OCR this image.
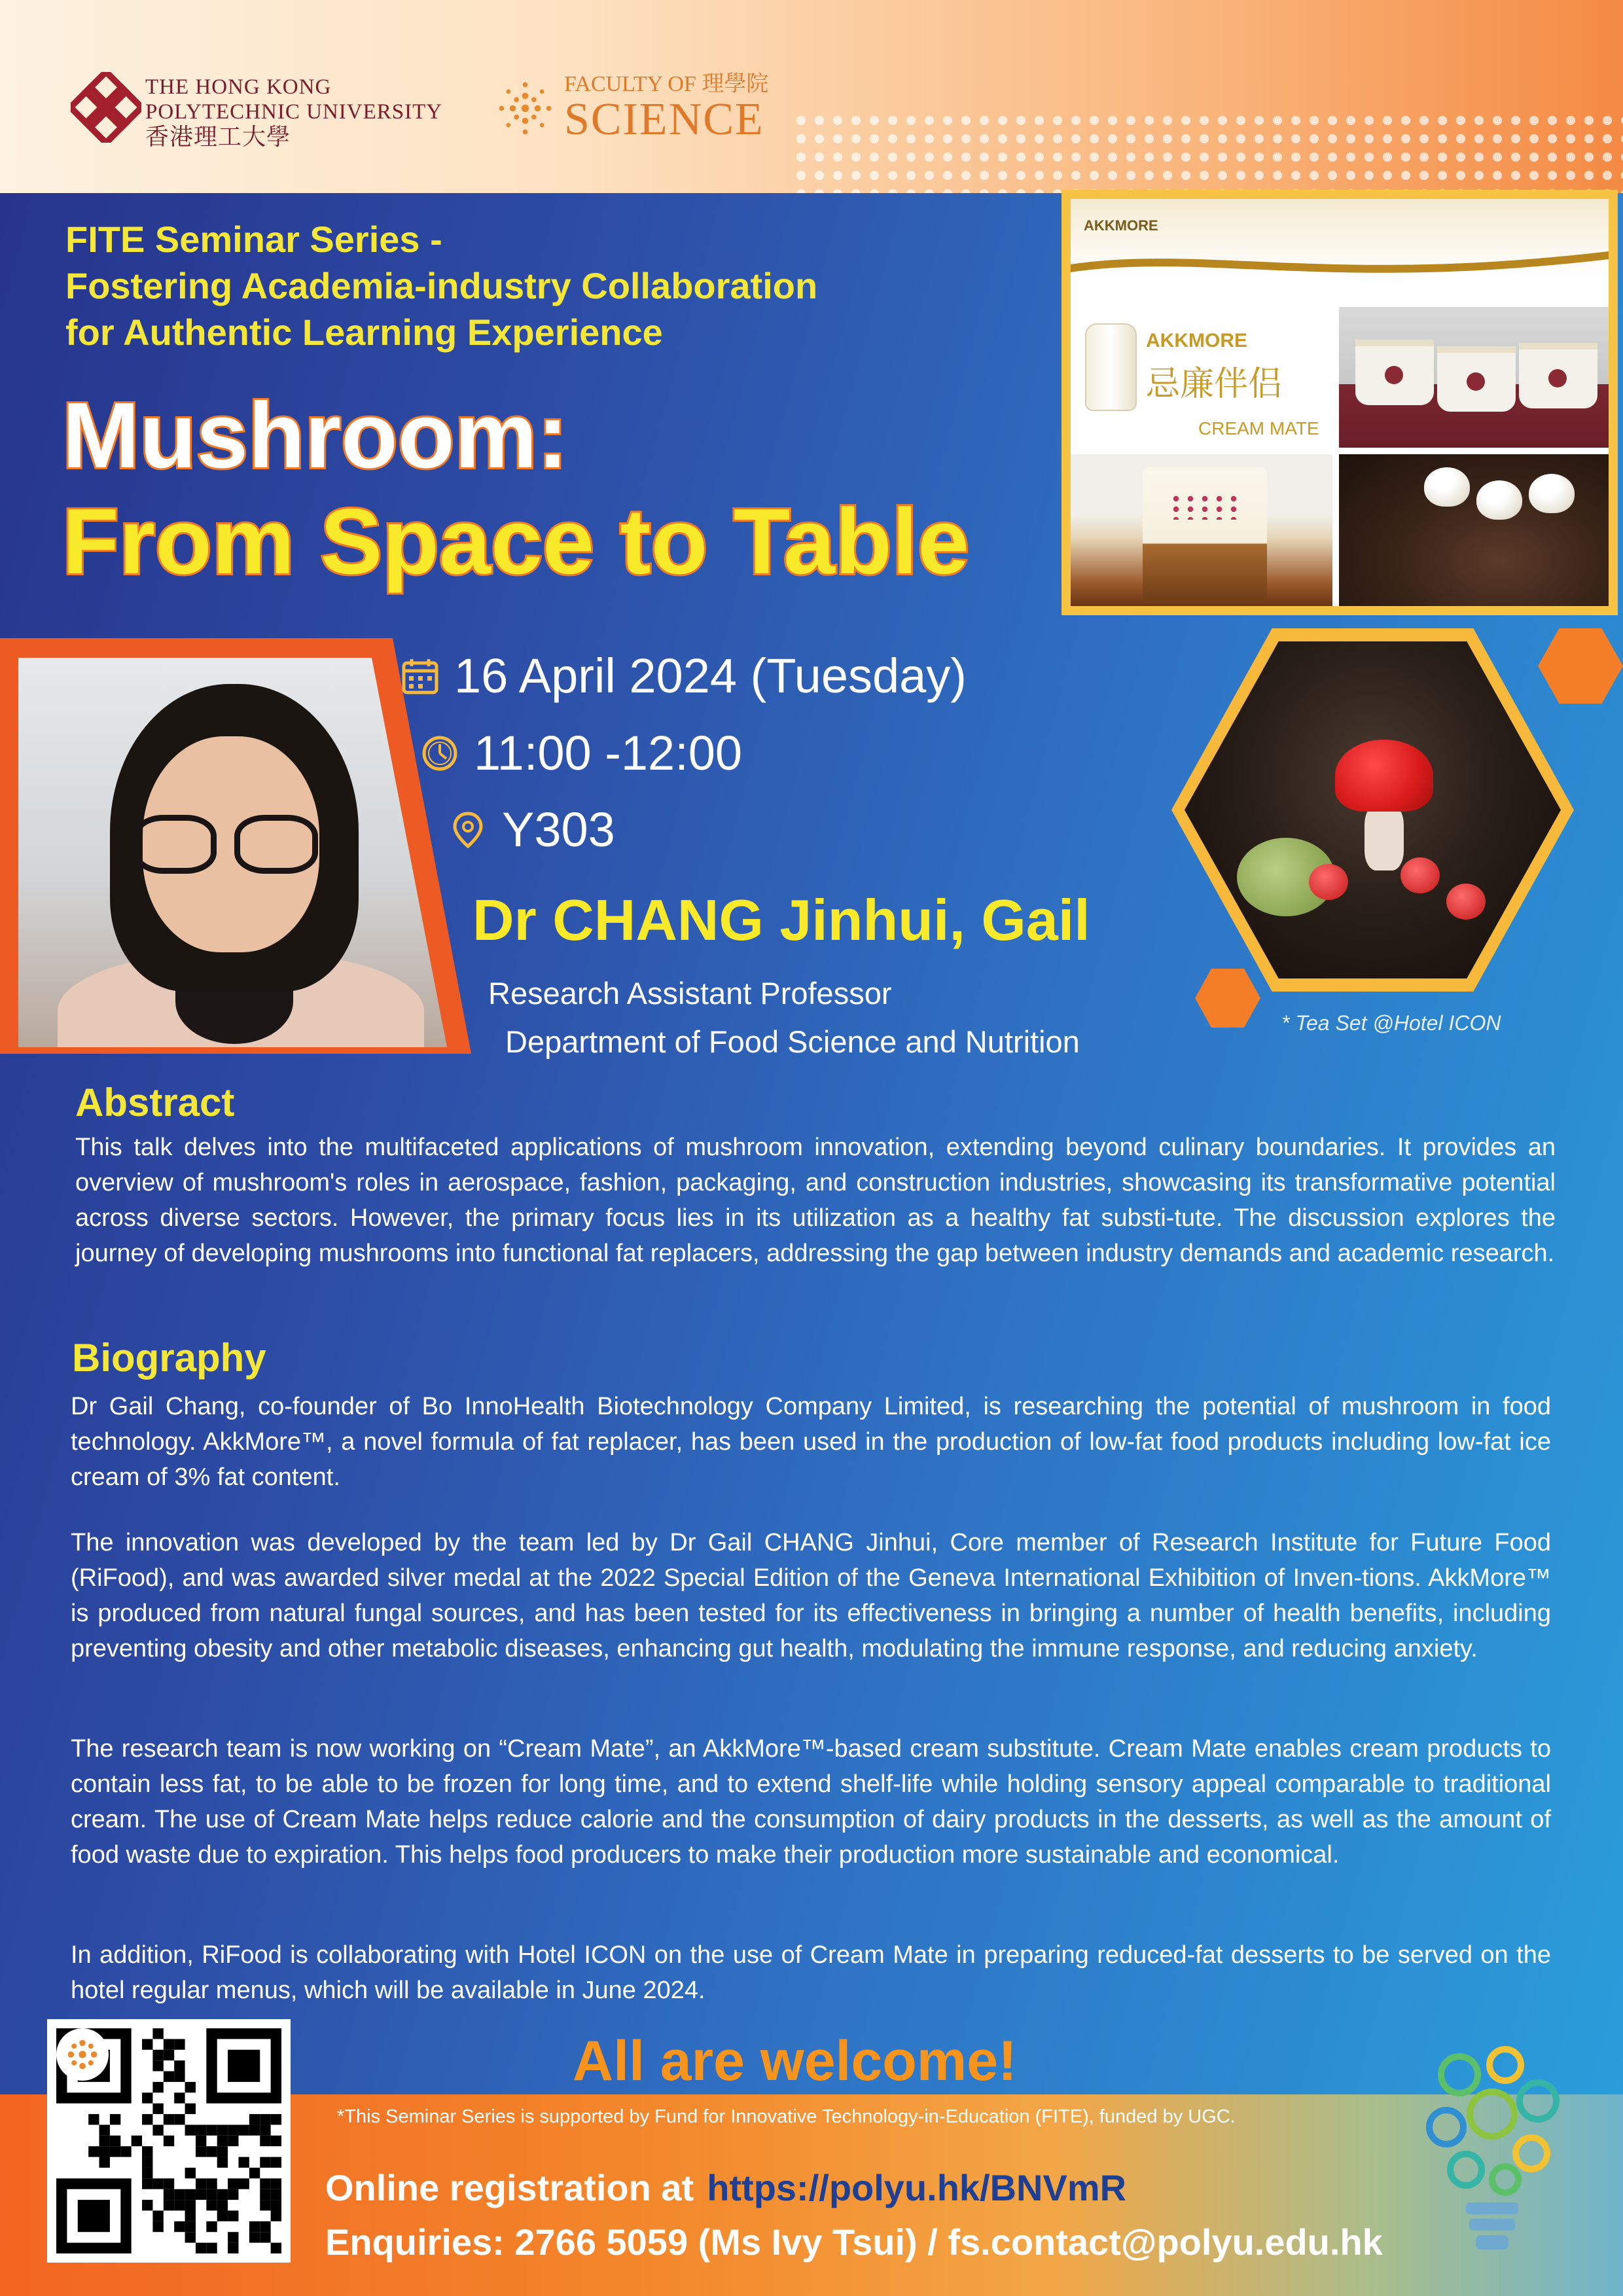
THE HONG KONG
POLYTECHNIC UNIVERSITY
香港理工大學
FACULTY OF 理學院
SCIENCE
FITE Seminar Series -
Fostering Academia-industry Collaboration
for Authentic Learning Experience
Mushroom:
From Space to Table
AKKMORE
AKKMORE
忌廉伴侣
CREAM MATE
16 April 2024 (Tuesday)
11:00 -12:00
Y303
Dr CHANG Jinhui, Gail
Research Assistant Professor
Department of Food Science and Nutrition
* Tea Set @Hotel ICON
Abstract
This talk delves into the multifaceted applications of mushroom innovation, extending beyond culinary boundaries. It provides an overview of mushroom's roles in aerospace, fashion, packaging, and construction industries, showcasing its transformative potential across diverse sectors. However, the primary focus lies in its utilization as a healthy fat substi-tute. The discussion explores the journey of developing mushrooms into functional fat replacers, addressing the gap between industry demands and academic research.
Biography
Dr Gail Chang, co-founder of Bo InnoHealth Biotechnology Company Limited, is researching the potential of mushroom in food technology. AkkMore™, a novel formula of fat replacer, has been used in the production of low-fat food products including low-fat ice cream of 3% fat content.
The innovation was developed by the team led by Dr Gail CHANG Jinhui, Core member of Research Institute for Future Food (RiFood), and was awarded silver medal at the 2022 Special Edition of the Geneva International Exhibition of Inven-tions. AkkMore™ is produced from natural fungal sources, and has been tested for its effectiveness in bringing a number of health benefits, including preventing obesity and other metabolic diseases, enhancing gut health, modulating the immune response, and reducing anxiety.
The research team is now working on “Cream Mate”, an AkkMore™-based cream substitute. Cream Mate enables cream products to contain less fat, to be able to be frozen for long time, and to extend shelf-life while holding sensory appeal comparable to traditional cream. The use of Cream Mate helps reduce calorie and the consumption of dairy products in the desserts, as well as the amount of food waste due to expiration. This helps food producers to make their production more sustainable and economical.
In addition, RiFood is collaborating with Hotel ICON on the use of Cream Mate in preparing reduced-fat desserts to be served on the hotel regular menus, which will be available in June 2024.
All are welcome!
*This Seminar Series is supported by Fund for Innovative Technology-in-Education (FITE), funded by UGC.
Online registration at https://polyu.hk/BNVmR
Enquiries: 2766 5059 (Ms Ivy Tsui) / fs.contact@polyu.edu.hk
